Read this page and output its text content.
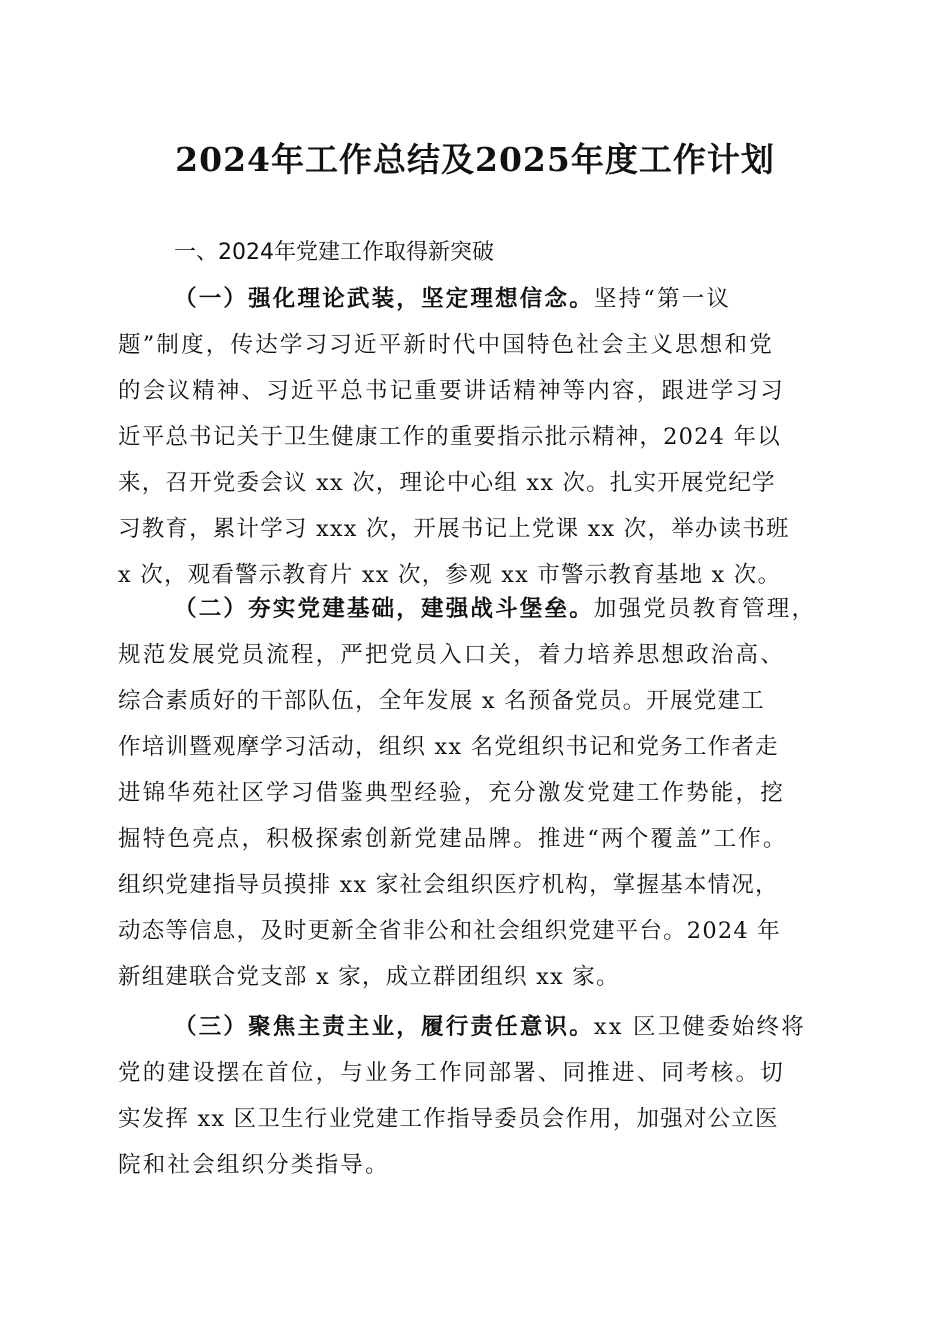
2024年工作总结及2025年度工作计划
一、2024年党建工作取得新突破
（一）强化理论武装，坚定理想信念。坚持“第一议
题”制度，传达学习习近平新时代中国特色社会主义思想和党
的会议精神、习近平总书记重要讲话精神等内容，跟进学习习
近平总书记关于卫生健康工作的重要指示批示精神，2024 年以
来，召开党委会议 xx 次，理论中心组 xx 次。扎实开展党纪学
习教育，累计学习 xxx 次，开展书记上党课 xx 次，举办读书班
x 次，观看警示教育片 xx 次，参观 xx 市警示教育基地 x 次。
（二）夯实党建基础，建强战斗堡垒。加强党员教育管理，
规范发展党员流程，严把党员入口关，着力培养思想政治高、
综合素质好的干部队伍，全年发展 x 名预备党员。开展党建工
作培训暨观摩学习活动，组织 xx 名党组织书记和党务工作者走
进锦华苑社区学习借鉴典型经验，充分激发党建工作势能，挖
掘特色亮点，积极探索创新党建品牌。推进“两个覆盖”工作。
组织党建指导员摸排 xx 家社会组织医疗机构，掌握基本情况，
动态等信息，及时更新全省非公和社会组织党建平台。2024 年
新组建联合党支部 x 家，成立群团组织 xx 家。
（三）聚焦主责主业，履行责任意识。xx 区卫健委始终将
党的建设摆在首位，与业务工作同部署、同推进、同考核。切
实发挥 xx 区卫生行业党建工作指导委员会作用，加强对公立医
院和社会组织分类指导。
